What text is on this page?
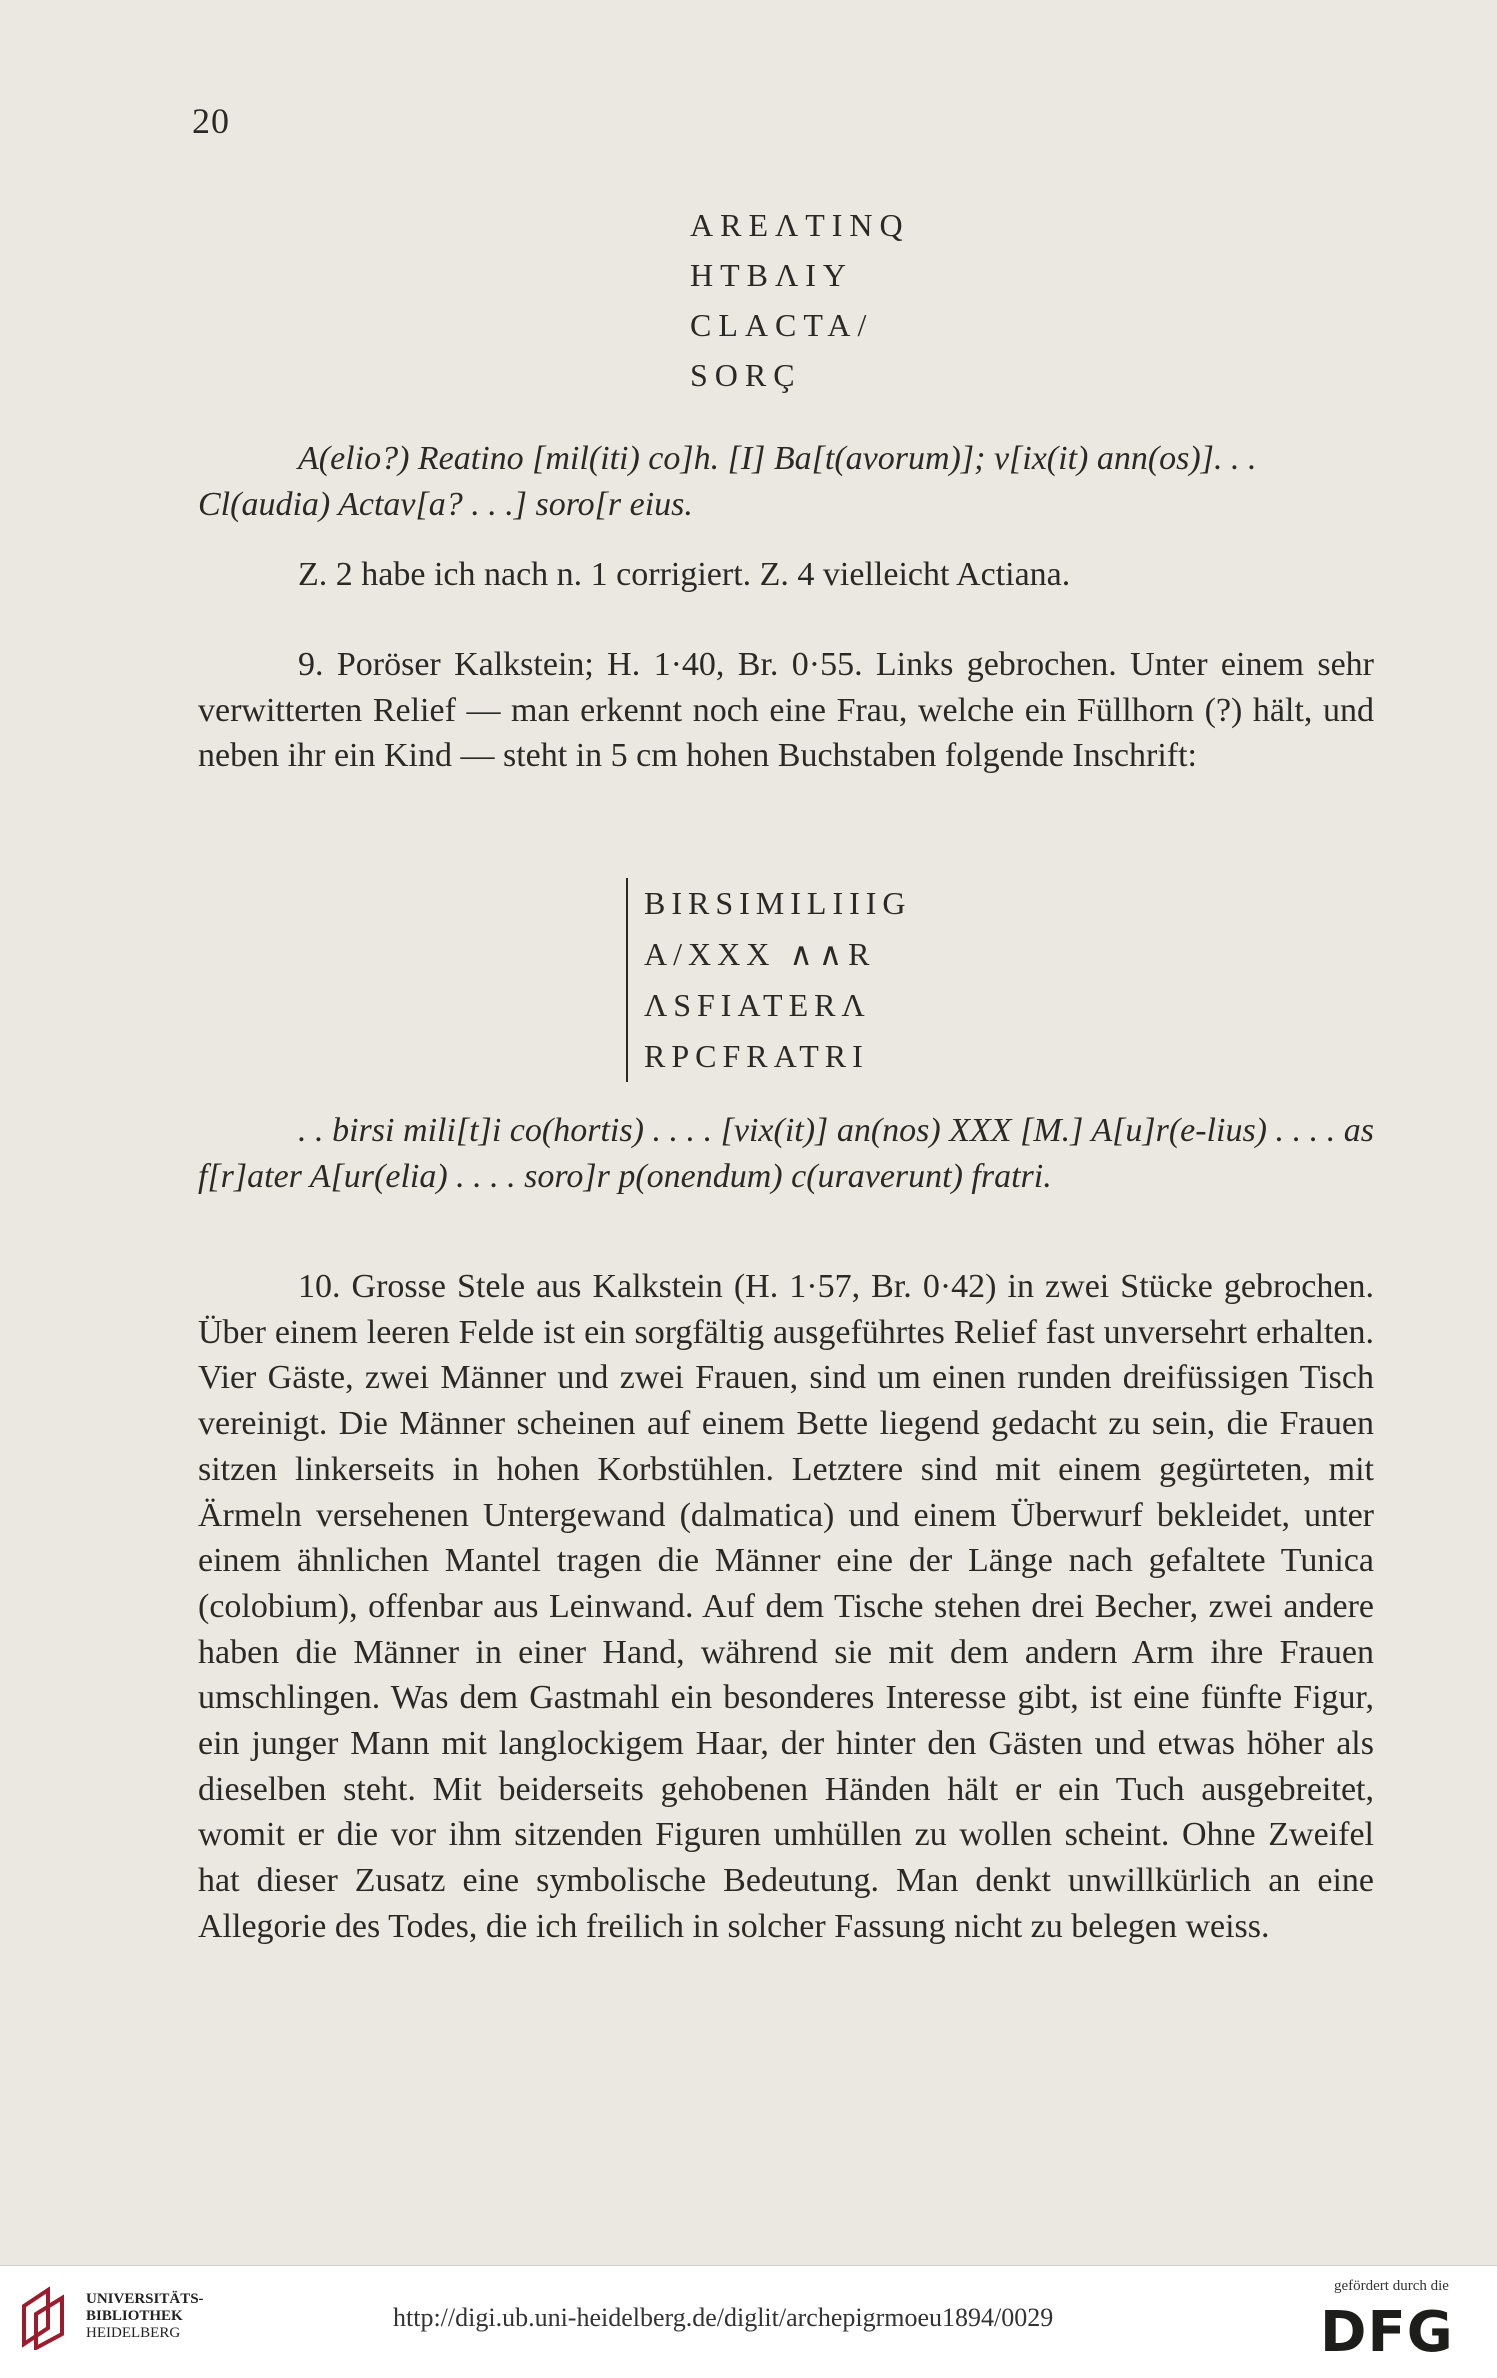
20
AREΛTINQ
HTBΛIY
CLACTA/
SORÇ

A(elio?) Reatino [mil(iti) co]h. [I] Ba[t(avorum)]; v[ix(it) ann(os)]. . .

Cl(audia) Actav[a? . . .] soro[r eius.

Z. 2 habe ich nach n. 1 corrigiert. Z. 4 vielleicht Actiana.

9. Poröser Kalkstein; H. 1·40, Br. 0·55. Links gebrochen. Unter einem sehr verwitterten Relief — man erkennt noch eine Frau, welche ein Füllhorn (?) hält, und neben ihr ein Kind — steht in 5 cm hohen Buchstaben folgende Inschrift:

BIRSIMILIIIG
A/XXX ∧∧R
ΛSFIATERΛ
RPCFRATRI

. . birsi mili[t]i co(hortis) . . . . [vix(it)] an(nos) XXX [M.] A[u]r(e-lius) . . . . as f[r]ater A[ur(elia) . . . . soro]r p(onendum) c(uraverunt) fratri.

10. Grosse Stele aus Kalkstein (H. 1·57, Br. 0·42) in zwei Stücke gebrochen. Über einem leeren Felde ist ein sorgfältig ausgeführtes Relief fast unversehrt erhalten. Vier Gäste, zwei Männer und zwei Frauen, sind um einen runden dreifüssigen Tisch vereinigt. Die Männer scheinen auf einem Bette liegend gedacht zu sein, die Frauen sitzen linkerseits in hohen Korbstühlen. Letztere sind mit einem gegürteten, mit Ärmeln versehenen Untergewand (dalmatica) und einem Überwurf bekleidet, unter einem ähnlichen Mantel tragen die Männer eine der Länge nach gefaltete Tunica (colobium), offenbar aus Leinwand. Auf dem Tische stehen drei Becher, zwei andere haben die Männer in einer Hand, während sie mit dem andern Arm ihre Frauen umschlingen. Was dem Gastmahl ein besonderes Interesse gibt, ist eine fünfte Figur, ein junger Mann mit langlockigem Haar, der hinter den Gästen und etwas höher als dieselben steht. Mit beiderseits gehobenen Händen hält er ein Tuch ausgebreitet, womit er die vor ihm sitzenden Figuren umhüllen zu wollen scheint. Ohne Zweifel hat dieser Zusatz eine symbolische Bedeutung. Man denkt unwillkürlich an eine Allegorie des Todes, die ich freilich in solcher Fassung nicht zu belegen weiss.

UNIVERSITÄTS-
BIBLIOTHEK
HEIDELBERG
http://digi.ub.uni-heidelberg.de/diglit/archepigrmoeu1894/0029
gefördert durch die
DFG
